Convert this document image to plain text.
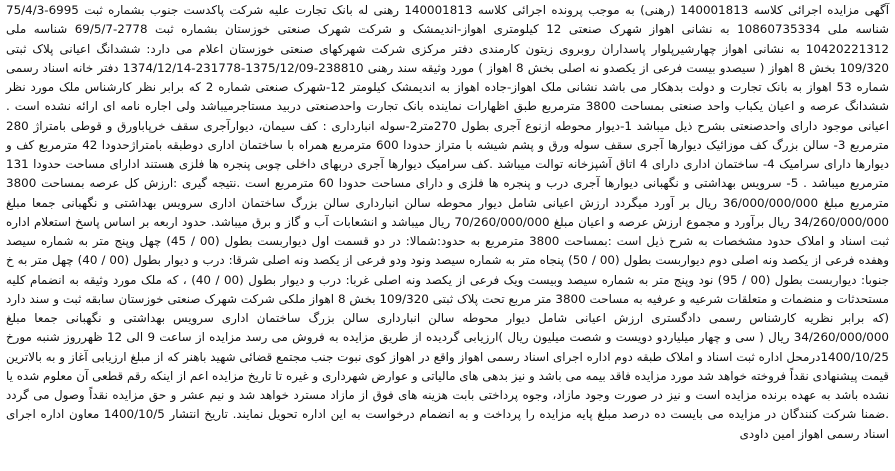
آگهی مزایده اجرائی کلاسه 140001813 (رهنی) به موجب پرونده اجرائی کلاسه 140001813 رهنی له بانک تجارت علیه شرکت پاکدست جنوب بشماره ثبت 6995-75/4/3 شناسه ملی 10860735334 به نشانی اهواز شهرک صنعتی 12 کیلومتری اهواز-اندیمشک و شرکت شهرک صنعتی خوزستان بشماره ثبت 2778-69/5/7 شناسه ملی 10420221312 به نشانی اهواز چهارشیرپلوار پاسداران روبروی زیتون کارمندی دفتر مرکزی شرکت شهرکهای صنعتی خوزستان اعلام می دارد: ششدانگ اعیانی پلاک ثبتی 109/320 بخش 8 اهواز ( سیصدو بیست فرعی از یکصدو نه اصلی بخش 8 اهواز ) مورد وثیقه سند رهنی 238810-1375/12/09-231778-1374/12/14 دفتر خانه اسناد رسمی شماره 53 اهواز به بانک تجارت و دولت بدهکار می باشد نشانی ملک اهواز-جاده اهواز به اندیمشک کیلومتر 12-شهرک صنعتی شماره 2 که برابر نظر کارشناس ملک مورد نظر ششدانگ عرصه و اعیان یکباب واحد صنعتی بمساحت 3800 مترمربع طبق اظهارات نماینده بانک تجارت واحدصنعتی دربید مستاجرمیباشد ولی اجاره نامه ای ارائه نشده است . اعیانی موجود دارای واحدصنعتی بشرح ذیل میباشد 1-دیوار محوطه ازنوع آجری بطول 270متر2-سوله انبارداری : کف سیمان، دیوارآجری سقف خرپاباورق و قوطی بامتراژ 280 مترمربع 3- سالن بزرگ کف موزائیک دیوارها آجری سقف سوله ورق و پشم شیشه با متراز حدودا 600 مترمربع همراه با ساختمان اداری دوطبقه بامتراژحدودا 42 مترمربع کف و دیوارها دارای سرامیک 4- ساختمان اداری دارای 4 اتاق آشپزخانه توالت میباشد .کف سرامیک دیوارها آجری دربهای داخلی چوبی پنجره ها فلزی هستند ادارای مساحت حدودا 131 مترمربع میباشد . 5- سرویس بهداشتی و نگهبانی دیوارها آجری درب و پنجره ها فلزی و دارای مساحت حدودا 60 مترمربع است .نتیجه گیری :ارزش کل عرصه بمساحت 3800 مترمربع مبلغ 36/000/000/000 ریال بر آورد میگردد ارزش اعیانی شامل دیوار محوطه سالن انبارداری سالن بزرگ ساختمان اداری سرویس بهداشتی و نگهبانی جمعا مبلغ 34/260/000/000 ریال برآورد و مجموع ارزش عرصه و اعیان مبلغ 70/260/000/000 ریال میباشد و انشعابات آب و گاز و برق میباشد. حدود اربعه بر اساس پاسخ استعلام اداره ثبت اسناد و املاک حدود مشخصات به شرح ذیل است :بمساحت 3800 مترمربع به حدود:شمالا: در دو قسمت اول دیواربست بطول (00 / 45) چهل وپنج متر به شماره سیصد وهفده فرعی از یکصد ونه اصلی دوم دیواربست بطول (00 / 50) پنجاه متر به شماره سیصد ونود ودو فرعی از یکصد ونه اصلی شرقا: درب و دیوار بطول (00 / 40) چهل متر به خ جنوبا: دیواربست بطول (00 / 95) نود وپنج متر به شماره سیصد وبیست ویک فرعی از یکصد ونه اصلی غربا: درب و دیوار بطول (00 / 40) ، که ملک مورد وثیقه به انضمام کلیه مستحدثات و منضمات و متعلقات شرعیه و عرفیه به مساحت 3800 متر مربع تحت پلاک ثبتی 109/320 بخش 8 اهواز ملکی شرکت شهرک صنعتی خوزستان سابقه ثبت و سند دارد (که برابر نظریه کارشناس رسمی دادگستری ارزش اعیانی شامل دیوار محوطه سالن انبارداری سالن بزرگ ساختمان اداری سرویس بهداشتی و نگهبانی جمعا مبلغ 34/260/000/000 ریال ( سی و چهار میلیاردو دویست و شصت میلیون ریال )ارزیابی گردیده از طریق مزایده به فروش می رسد مزایده از ساعت 9 الی 12 ظهرروز شنبه مورخ 1400/10/25درمحل اداره ثبت اسناد و املاک طبقه دوم اداره اجرای اسناد رسمی اهواز واقع در اهواز کوی نبوت جنب مجتمع قضائی شهید باهنر که از مبلغ ارزیابی آغاز و به بالاترین قیمت پیشنهادی نقداً فروخته خواهد شد مورد مزایده فاقد بیمه می باشد و نیز بدهی های مالیاتی و عوارض شهرداری و غیره تا تاریخ مزایده اعم از اینکه رقم قطعی آن معلوم شده یا نشده باشد به عهده برنده مزایده است و نیز در صورت وجود مازاد، وجوه پرداختی بابت هزینه های فوق از مازاد مسترد خواهد شد و نیم عشر و حق مزایده نقداً وصول می گردد .ضمنا شرکت کنندگان در مزایده می بایست ده درصد مبلغ پایه مزایده را پرداخت و به انضمام درخواست به این اداره تحویل نمایند. تاریخ انتشار 1400/10/5 معاون اداره اجرای اسناد رسمی اهواز امین داودی
